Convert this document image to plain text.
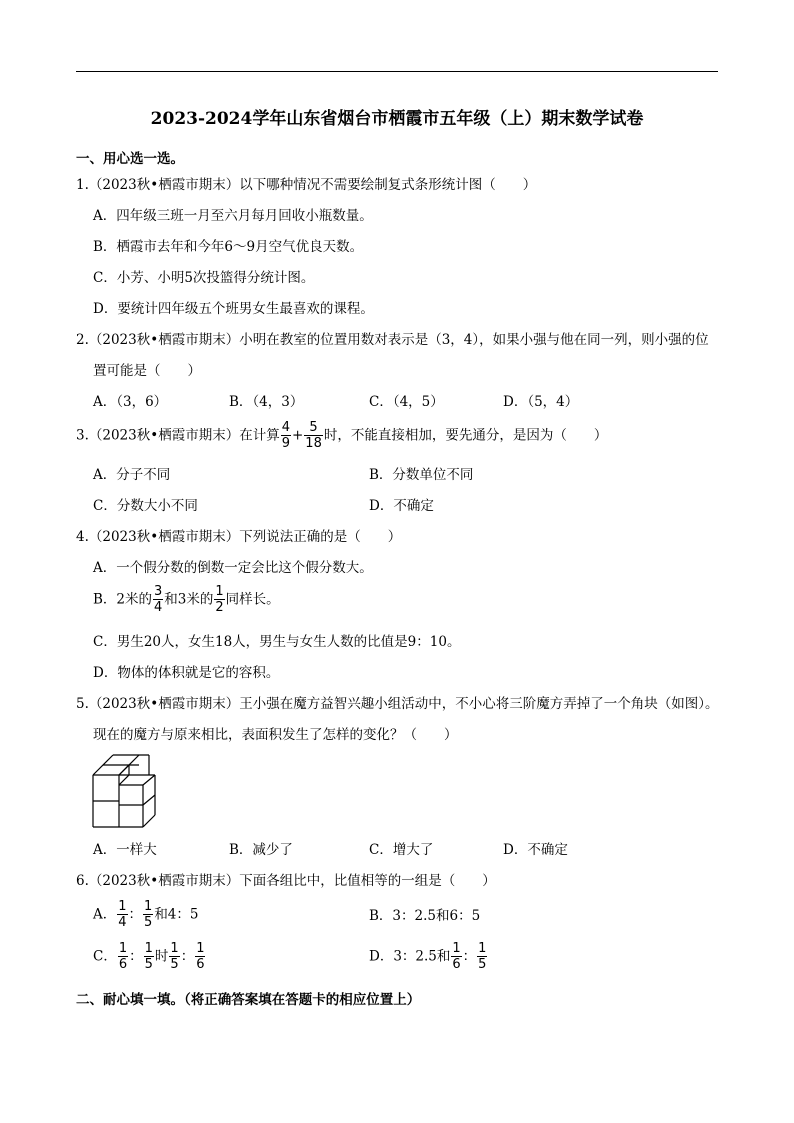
2023-2024学年山东省烟台市栖霞市五年级（上）期末数学试卷
一、用心选一选。
1.（2023秋•栖霞市期末）以下哪种情况不需要绘制复式条形统计图（　　）
A．四年级三班一月至六月每月回收小瓶数量。
B．栖霞市去年和今年6～9月空气优良天数。
C．小芳、小明5次投篮得分统计图。
D．要统计四年级五个班男女生最喜欢的课程。
2.（2023秋•栖霞市期末）小明在教室的位置用数对表示是（3，4），如果小强与他在同一列，则小强的位
置可能是（　　）
A．（3，6）	B．（4，3）	C．（4，5）	D．（5，4）
3.（2023秋•栖霞市期末）在计算 $\frac{4}{9} + \frac{5}{18}$ 时，不能直接相加，要先通分，是因为（　　）
A．分子不同	B．分数单位不同
C．分数大小不同	D．不确定
4.（2023秋•栖霞市期末）下列说法正确的是（　　）
A．一个假分数的倒数一定会比这个假分数大。
B．2米的 $\frac{3}{4}$ 和3米的 $\frac{1}{2}$ 同样长。
C．男生20人，女生18人，男生与女生人数的比值是9：10。
D．物体的体积就是它的容积。
5.（2023秋•栖霞市期末）王小强在魔方益智兴趣小组活动中，不小心将三阶魔方弄掉了一个角块（如图）。
现在的魔方与原来相比，表面积发生了怎样的变化？（　　）
A．一样大	B．减少了	C．增大了	D．不确定
6.（2023秋•栖霞市期末）下面各组比中，比值相等的一组是（　　）
A． $\frac{1}{4}$ ： $\frac{1}{5}$ 和4：5	B．3：2.5和6：5
C． $\frac{1}{6}$ ： $\frac{1}{5}$ 时 $\frac{1}{5}$ ： $\frac{1}{6}$	D．3：2.5和 $\frac{1}{6}$ ： $\frac{1}{5}$
二、耐心填一填。（将正确答案填在答题卡的相应位置上）
